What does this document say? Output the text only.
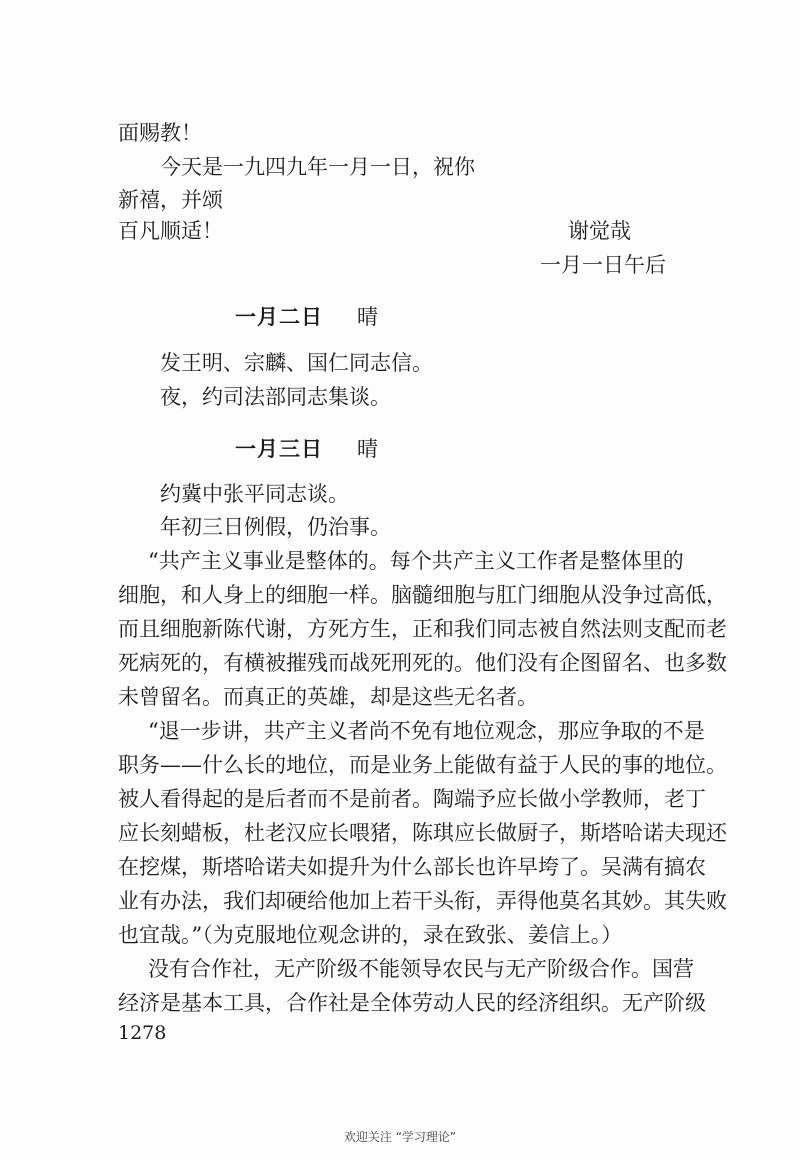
面赐教！
今天是一九四九年一月一日，祝你
新禧，并颂
百凡顺适！	谢觉哉
一月一日午后
一月二日 晴
发王明、宗麟、国仁同志信。
夜，约司法部同志集谈。
一月三日 晴
约冀中张平同志谈。
年初三日例假，仍治事。
“共产主义事业是整体的。每个共产主义工作者是整体里的
细胞，和人身上的细胞一样。脑髓细胞与肛门细胞从没争过高低，
而且细胞新陈代谢，方死方生，正和我们同志被自然法则支配而老
死病死的，有横被摧残而战死刑死的。他们没有企图留名、也多数
未曾留名。而真正的英雄，却是这些无名者。
“退一步讲，共产主义者尚不免有地位观念，那应争取的不是
职务——什么长的地位，而是业务上能做有益于人民的事的地位。
被人看得起的是后者而不是前者。陶端予应长做小学教师，老丁
应长刻蜡板，杜老汉应长喂猪，陈琪应长做厨子，斯塔哈诺夫现还
在挖煤，斯塔哈诺夫如提升为什么部长也许早垮了。吴满有搞农
业有办法，我们却硬给他加上若干头衔，弄得他莫名其妙。其失败
也宜哉。”（为克服地位观念讲的，录在致张、姜信上。）
没有合作社，无产阶级不能领导农民与无产阶级合作。国营
经济是基本工具，合作社是全体劳动人民的经济组织。无产阶级
1278
欢迎关注 “学习理论”
